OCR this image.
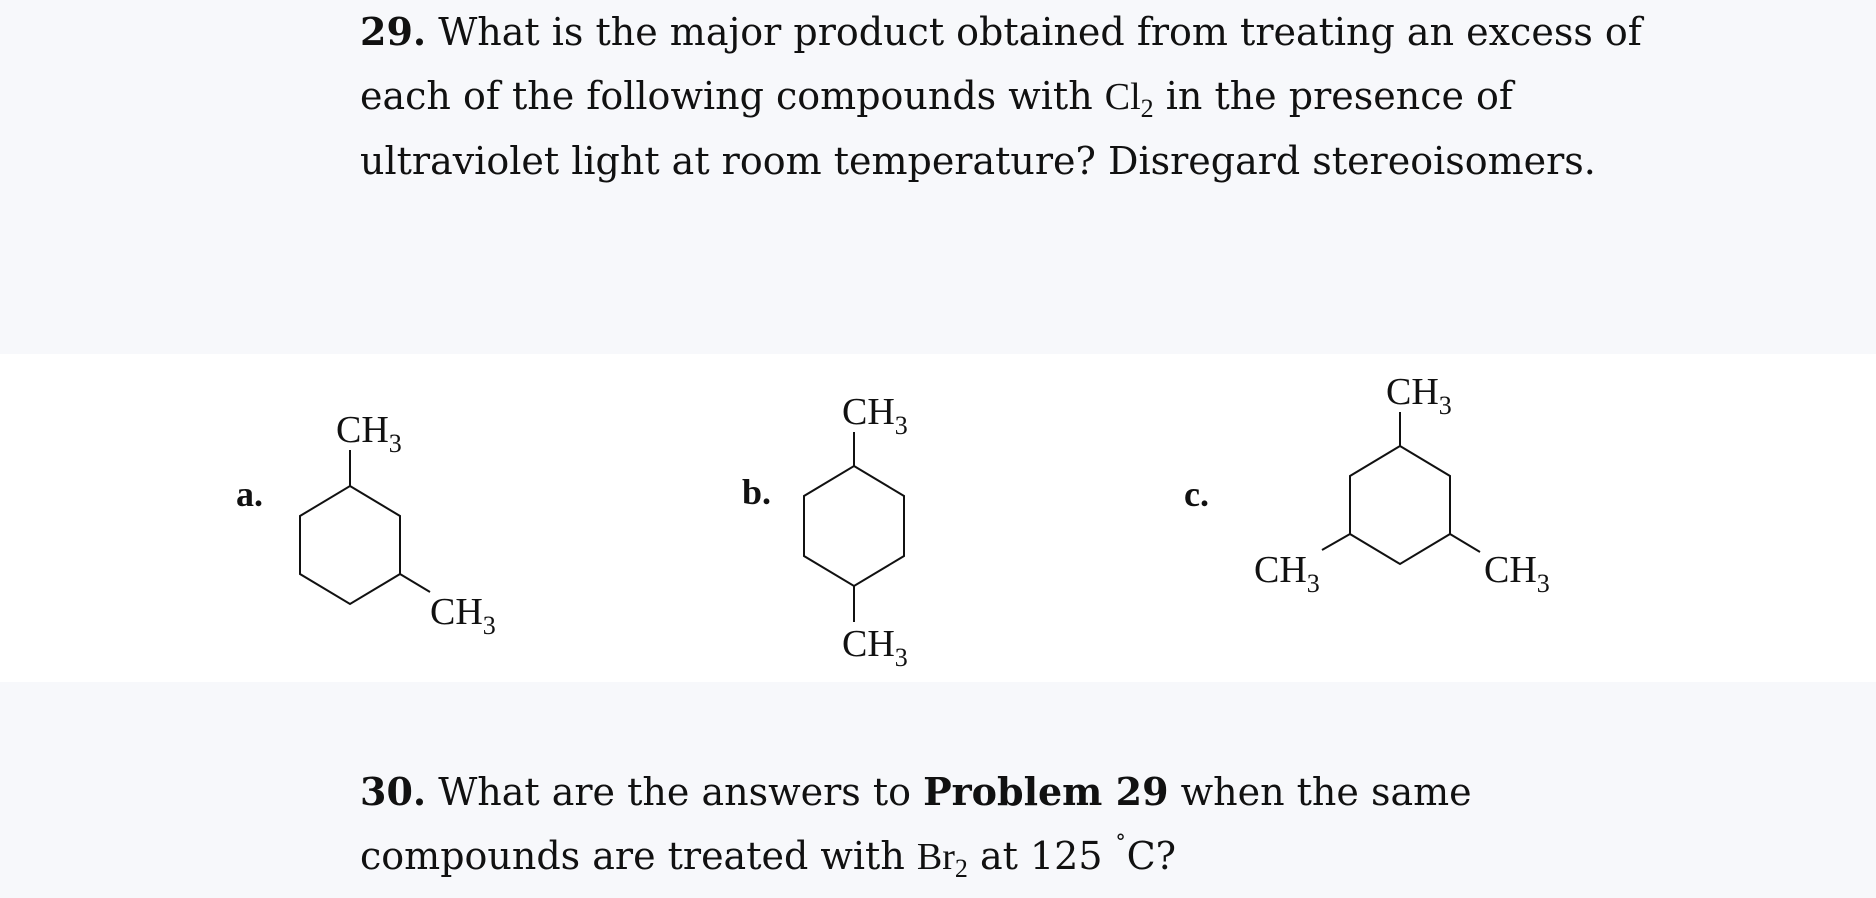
29. What is the major product obtained from treating an excess of each of the following compounds with $Cl_2$ in the presence of ultraviolet light at room temperature? Disregard stereoisomers.
a.
$CH_3$
$CH_3$
b.
$CH_3$
$CH_3$
c.
$CH_3$
$CH_3$	$CH_3$
30. What are the answers to Problem 29 when the same compounds are treated with $Br_2$ at 125 ˚C?
